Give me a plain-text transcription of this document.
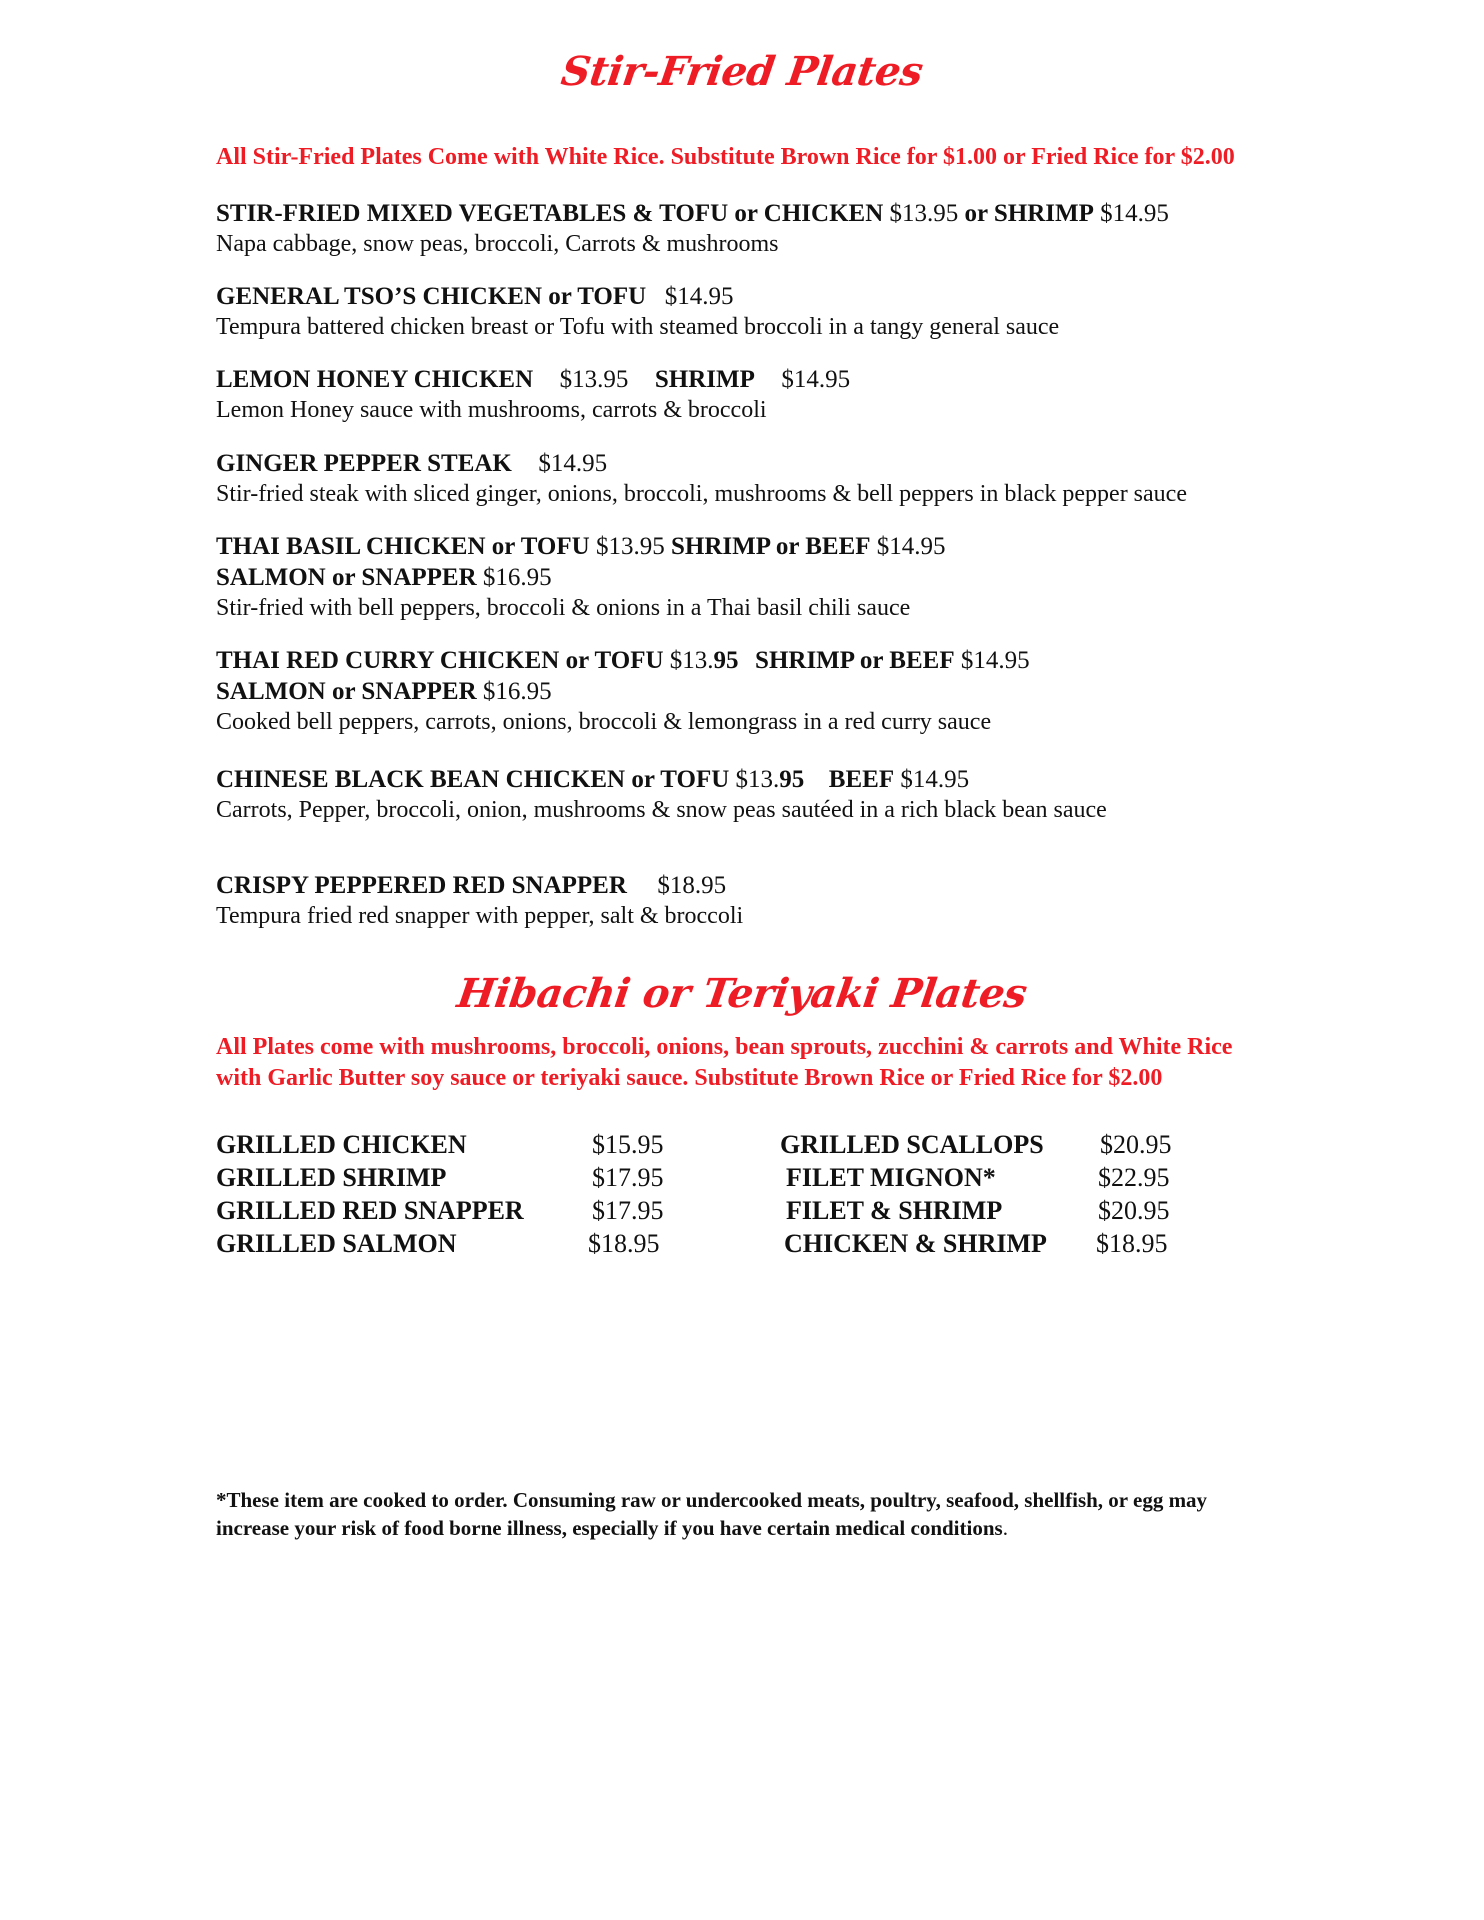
Stir-Fried Plates
All Stir-Fried Plates Come with White Rice. Substitute Brown Rice for $1.00 or Fried Rice for $2.00
STIR-FRIED MIXED VEGETABLES & TOFU or CHICKEN $13.95 or SHRIMP $14.95
Napa cabbage, snow peas, broccoli, Carrots & mushrooms
GENERAL TSO’S CHICKEN or TOFU $14.95
Tempura battered chicken breast or Tofu with steamed broccoli in a tangy general sauce
LEMON HONEY CHICKEN $13.95 SHRIMP $14.95
Lemon Honey sauce with mushrooms, carrots & broccoli
GINGER PEPPER STEAK $14.95
Stir-fried steak with sliced ginger, onions, broccoli, mushrooms & bell peppers in black pepper sauce
THAI BASIL CHICKEN or TOFU $13.95 SHRIMP or BEEF $14.95
SALMON or SNAPPER $16.95
Stir-fried with bell peppers, broccoli & onions in a Thai basil chili sauce
THAI RED CURRY CHICKEN or TOFU $13.95 SHRIMP or BEEF $14.95
SALMON or SNAPPER $16.95
Cooked bell peppers, carrots, onions, broccoli & lemongrass in a red curry sauce
CHINESE BLACK BEAN CHICKEN or TOFU $13.95 BEEF $14.95
Carrots, Pepper, broccoli, onion, mushrooms & snow peas sautéed in a rich black bean sauce
CRISPY PEPPERED RED SNAPPER $18.95
Tempura fried red snapper with pepper, salt & broccoli
Hibachi or Teriyaki Plates
All Plates come with mushrooms, broccoli, onions, bean sprouts, zucchini & carrots and White Rice
with Garlic Butter soy sauce or teriyaki sauce. Substitute Brown Rice or Fried Rice for $2.00
GRILLED CHICKEN	$15.95	GRILLED SCALLOPS $20.95
GRILLED SHRIMP	$17.95	FILET MIGNON*	$22.95
GRILLED RED SNAPPER	$17.95	FILET & SHRIMP	$20.95
GRILLED SALMON	$18.95	CHICKEN & SHRIMP $18.95
*These item are cooked to order. Consuming raw or undercooked meats, poultry, seafood, shellfish, or egg may
increase your risk of food borne illness, especially if you have certain medical conditions.
